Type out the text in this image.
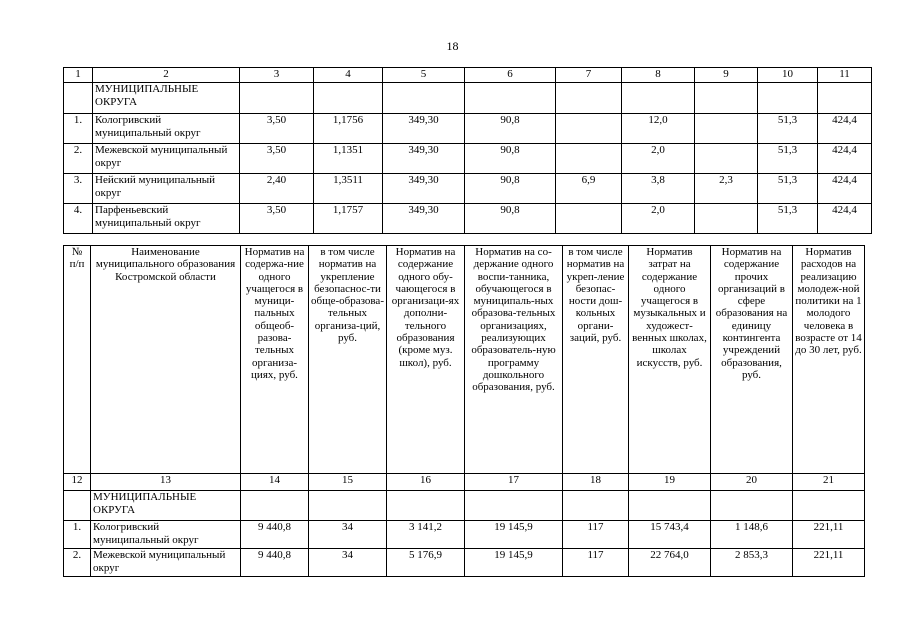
18
1	2	3	4	5	6	7	8	9	10	11
	МУНИЦИПАЛЬНЫЕ ОКРУГА									
1.	Кологривский муниципальный округ	3,50	1,1756	349,30	90,8		12,0		51,3	424,4
2.	Межевской муниципальный округ	3,50	1,1351	349,30	90,8		2,0		51,3	424,4
3.	Нейский муниципальный округ	2,40	1,3511	349,30	90,8	6,9	3,8	2,3	51,3	424,4
4.	Парфеньевский муниципальный округ	3,50	1,1757	349,30	90,8		2,0		51,3	424,4
№ п/п	Наименование муниципального образования Костромской области	Норматив на содержа-ние одного учащегося в муници-пальных общеоб-разова-тельных организа-циях, руб.	в том числе норматив на укрепление безопаснос-ти обще-образова-тельных организа-ций, руб.	Норматив на содержание одного обу-чающегося в организаци-ях дополни-тельного образования (кроме муз. школ), руб.	Норматив на со-держание одного воспи-танника, обучающегося в муниципаль-ных образова-тельных организациях, реализующих образователь-ную программу дошкольного образования, руб.	в том числе норматив на укреп-ление безопас-ности дош-кольных органи-заций, руб.	Норматив затрат на содержание одного учащегося в музыкальных и художест-венных школах, школах искусств, руб.	Норматив на содержание прочих организаций в сфере образования на единицу контингента учреждений образования, руб.	Норматив расходов на реализацию молодеж-ной политики на 1 молодого человека в возрасте от 14 до 30 лет, руб.
12	13	14	15	16	17	18	19	20	21
	МУНИЦИПАЛЬНЫЕ ОКРУГА								
1.	Кологривский муниципальный округ	9 440,8	34	3 141,2	19 145,9	117	15 743,4	1 148,6	221,11
2.	Межевской муниципальный округ	9 440,8	34	5 176,9	19 145,9	117	22 764,0	2 853,3	221,11
